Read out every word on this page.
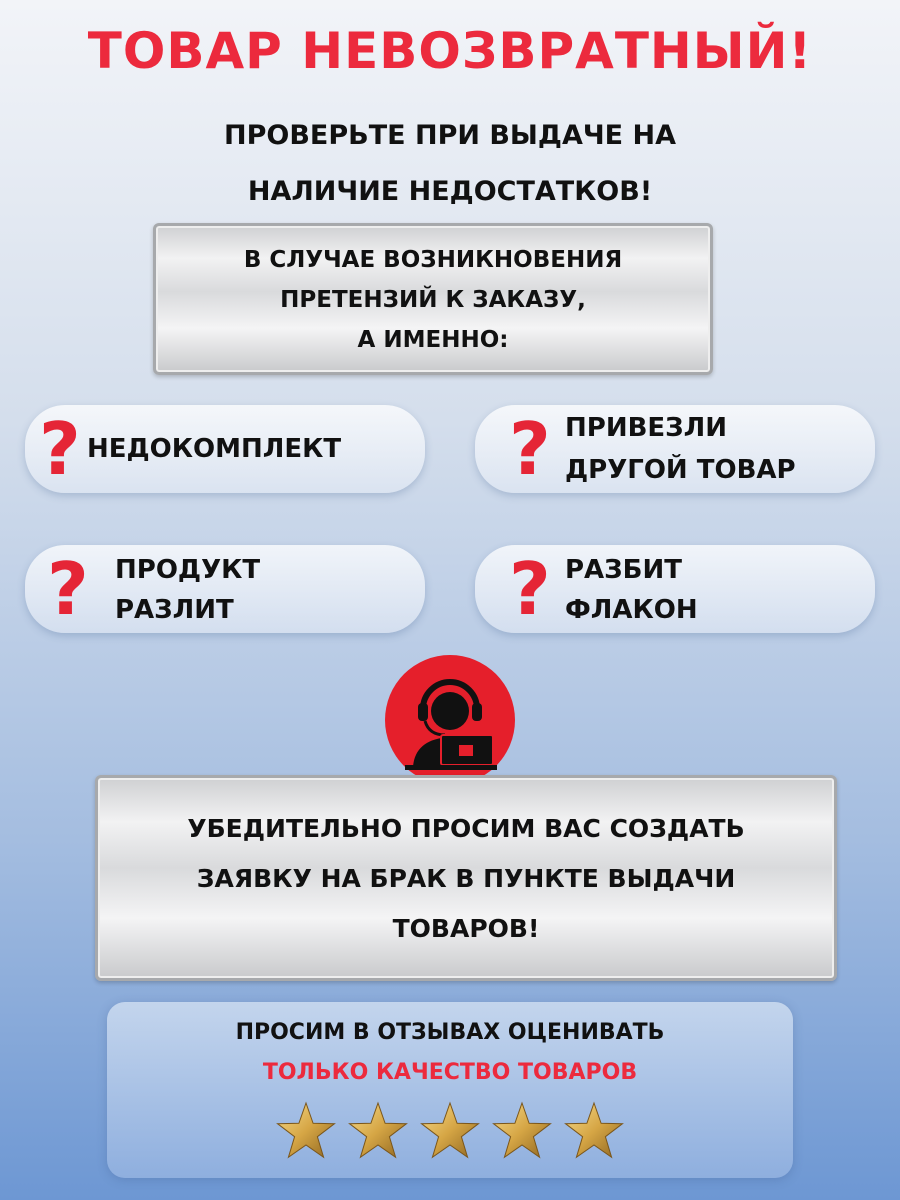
ТОВАР НЕВОЗВРАТНЫЙ!
ПРОВЕРЬТЕ ПРИ ВЫДАЧЕ НА
НАЛИЧИЕ НЕДОСТАТКОВ!
В СЛУЧАЕ ВОЗНИКНОВЕНИЯ
ПРЕТЕНЗИЙ К ЗАКАЗУ,
А ИМЕННО:
? НЕДОКОМПЛЕКТ ? ПРИВЕЗЛИ
ДРУГОЙ ТОВАР
? ПРОДУКТ
РАЗЛИТ	? РАЗБИТ
ФЛАКОН
УБЕДИТЕЛЬНО ПРОСИМ ВАС СОЗДАТЬ
ЗАЯВКУ НА БРАК В ПУНКТЕ ВЫДАЧИ
ТОВАРОВ!
ПРОСИМ В ОТЗЫВАХ ОЦЕНИВАТЬ
ТОЛЬКО КАЧЕСТВО ТОВАРОВ
